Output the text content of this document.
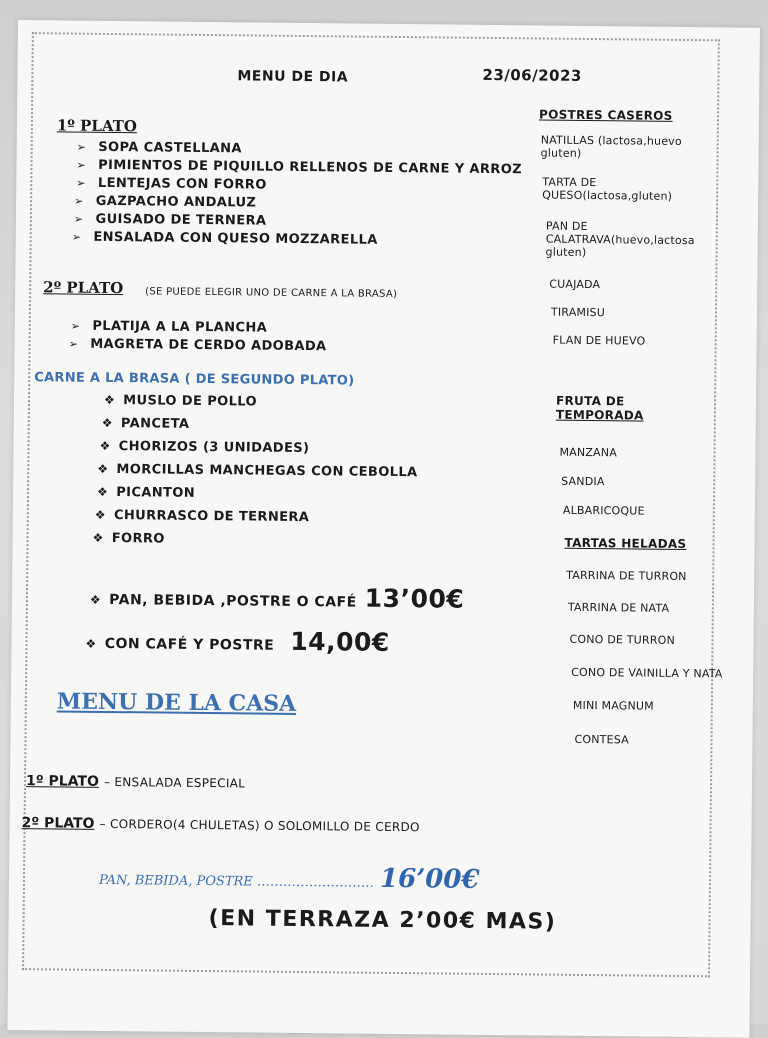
MENU DE DIA	23/06/2023
1º PLATO
➢ SOPA CASTELLANA
➢ PIMIENTOS DE PIQUILLO RELLENOS DE CARNE Y ARROZ
➢ LENTEJAS CON FORRO
➢ GAZPACHO ANDALUZ
➢ GUISADO DE TERNERA
➢ ENSALADA CON QUESO MOZZARELLA
2º PLATO (SE PUEDE ELEGIR UNO DE CARNE A LA BRASA)
➢ PLATIJA A LA PLANCHA
➢ MAGRETA DE CERDO ADOBADA
CARNE A LA BRASA ( DE SEGUNDO PLATO)
❖ MUSLO DE POLLO
❖ PANCETA
❖ CHORIZOS (3 UNIDADES)
❖ MORCILLAS MANCHEGAS CON CEBOLLA
❖ PICANTON
❖ CHURRASCO DE TERNERA
❖ FORRO
❖ PAN, BEBIDA ,POSTRE O CAFÉ 13’00€
❖ CON CAFÉ Y POSTRE 14,00€
MENU DE LA CASA
1º PLATO – ENSALADA ESPECIAL
2º PLATO – CORDERO(4 CHULETAS) O SOLOMILLO DE CERDO
PAN, BEBIDA, POSTRE ……………………… 16’00€
(EN TERRAZA 2’00€ MAS)
POSTRES CASEROS
NATILLAS (lactosa,huevo
gluten)
TARTA DE
QUESO(lactosa,gluten)
PAN DE
CALATRAVA(huevo,lactosa
gluten)
CUAJADA
TIRAMISU
FLAN DE HUEVO
FRUTA DE
TEMPORADA
MANZANA
SANDIA
ALBARICOQUE
TARTAS HELADAS
TARRINA DE TURRON
TARRINA DE NATA
CONO DE TURRON
CONO DE VAINILLA Y NATA
MINI MAGNUM
CONTESA
